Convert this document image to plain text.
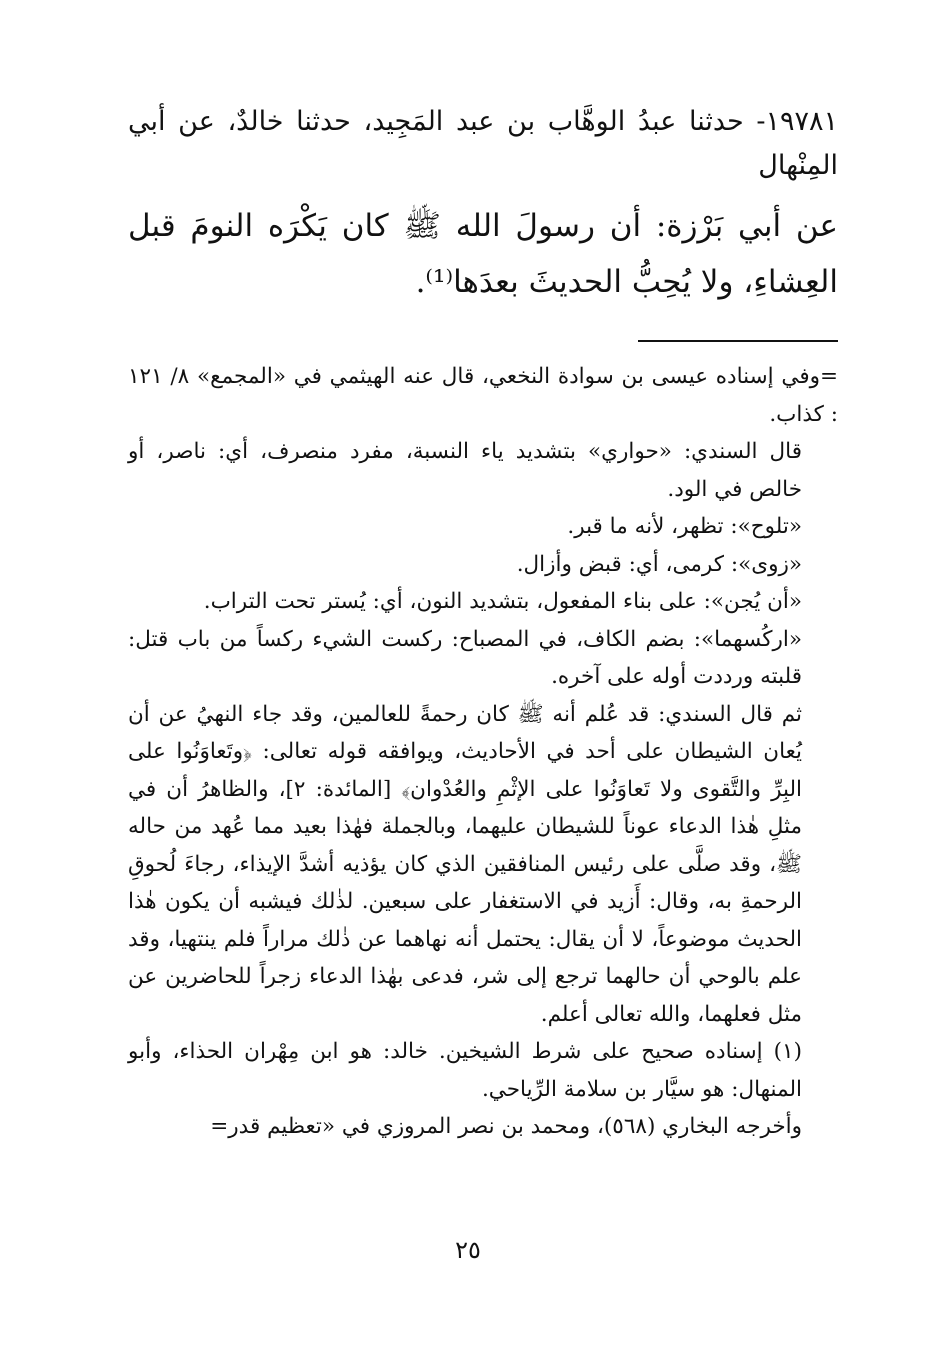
١٩٧٨١- حدثنا عبدُ الوهَّاب بن عبد المَجِيد، حدثنا خالدٌ، عن أبي المِنْهال

عن أبي بَرْزة: أن رسولَ الله ﷺ كان يَكْرَه النومَ قبل العِشاءِ، ولا يُحِبُّ الحديثَ بعدَها⁽¹⁾.

=وفي إسناده عيسى بن سوادة النخعي، قال عنه الهيثمي في «المجمع» ٨/ ١٢١ : كذاب.

قال السندي: «حواري» بتشديد ياء النسبة، مفرد منصرف، أي: ناصر، أو خالص في الود.

«تلوح»: تظهر، لأنه ما قبر.

«زوى»: كرمى، أي: قبض وأزال.

«أن يُجن»: على بناء المفعول، بتشديد النون، أي: يُستر تحت التراب.

«اركُسهما»: بضم الكاف، في المصباح: ركست الشيء ركساً من باب قتل: قلبته ورددت أوله على آخره.

ثم قال السندي: قد عُلم أنه ﷺ كان رحمةً للعالمين، وقد جاء النهيُ عن أن يُعان الشيطان على أحد في الأحاديث، ويوافقه قوله تعالى: ﴿وتَعاوَنُوا على البِرِّ والتَّقوى ولا تَعاوَنُوا على الإثْمِ والعُدْوان﴾ [المائدة: ٢]، والظاهرُ أن في مثلِ هٰذا الدعاء عوناً للشيطان عليهما، وبالجملة فهٰذا بعيد مما عُهد من حاله ﷺ، وقد صلَّى على رئيس المنافقين الذي كان يؤذيه أشدَّ الإيذاء، رجاءَ لُحوقِ الرحمةِ به، وقال: أَزيد في الاستغفار على سبعين. لذٰلك فيشبه أن يكون هٰذا الحديث موضوعاً، لا أن يقال: يحتمل أنه نهاهما عن ذٰلك مراراً فلم ينتهيا، وقد علم بالوحي أن حالهما ترجع إلى شر، فدعى بهٰذا الدعاء زجراً للحاضرين عن مثل فعلهما، والله تعالى أعلم.

(١) إسناده صحيح على شرط الشيخين. خالد: هو ابن مِهْران الحذاء، وأبو المنهال: هو سيَّار بن سلامة الرِّياحي.

وأخرجه البخاري (٥٦٨)، ومحمد بن نصر المروزي في «تعظيم قدر=

٢٥
